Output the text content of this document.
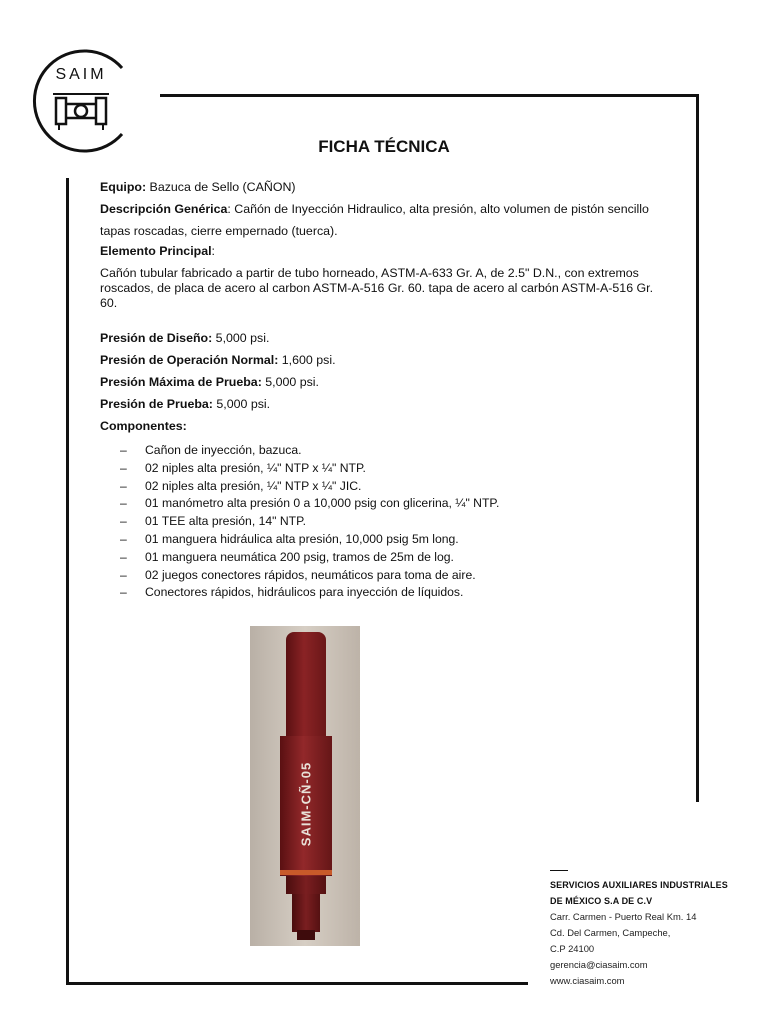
SAIM
FICHA TÉCNICA

Equipo: Bazuca de Sello (CAÑON)

Descripción Genérica: Cañón de Inyección Hidraulico, alta presión, alto volumen de pistón sencillo tapas roscadas, cierre empernado (tuerca).

Elemento Principal:

Cañón tubular fabricado a partir de tubo horneado, ASTM-A-633 Gr. A, de 2.5" D.N., con extremos roscados, de placa de acero al carbon ASTM-A-516 Gr. 60. tapa de acero al carbón ASTM-A-516 Gr. 60.

Presión de Diseño: 5,000 psi.

Presión de Operación Normal: 1,600 psi.

Presión Máxima de Prueba: 5,000 psi.

Presión de Prueba: 5,000 psi.

Componentes:

– Cañon de inyección, bazuca.
– 02 niples alta presión, ¼" NTP x ¼" NTP.
– 02 niples alta presión, ¼" NTP x ¼" JIC.
– 01 manómetro alta presión 0 a 10,000 psig con glicerina, ¼" NTP.
– 01 TEE alta presión, 14" NTP.
– 01 manguera hidráulica alta presión, 10,000 psig 5m long.
– 01 manguera neumática 200 psig, tramos de 25m de log.
– 02 juegos conectores rápidos, neumáticos para toma de aire.
– Conectores rápidos, hidráulicos para inyección de líquidos.
SAIM-CÑ-05
SERVICIOS AUXILIARES INDUSTRIALES
DE MÉXICO S.A DE C.V
Carr. Carmen - Puerto Real Km. 14
Cd. Del Carmen, Campeche,
C.P 24100
gerencia@ciasaim.com
www.ciasaim.com
